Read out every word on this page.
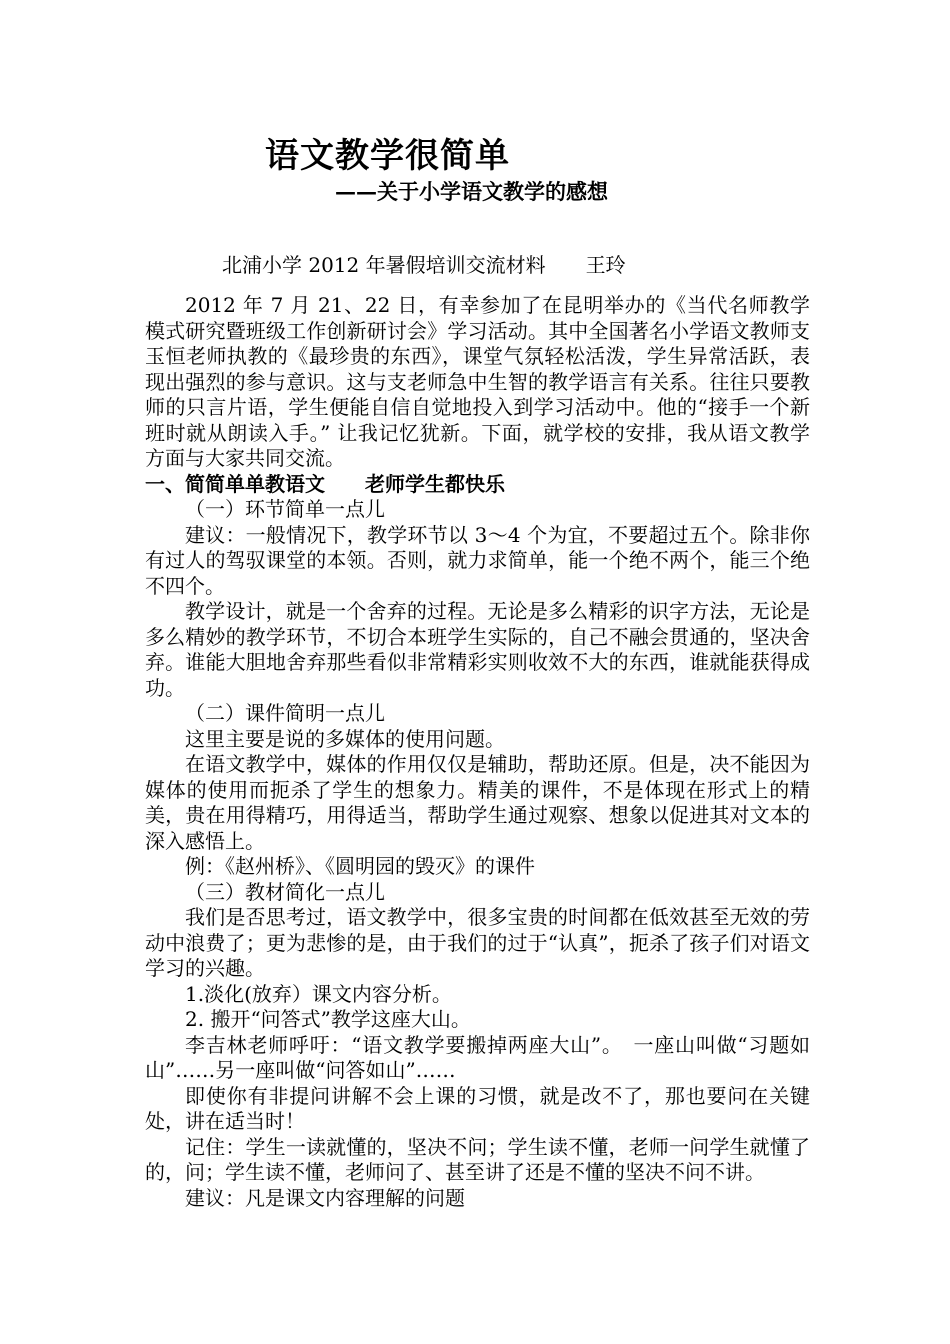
语文教学很简单
——关于小学语文教学的感想
北浦小学 2012 年暑假培训交流材料　　王玲

2012 年 7 月 21、22 日，有幸参加了在昆明举办的《当代名师教学模式研究暨班级工作创新研讨会》学习活动。其中全国著名小学语文教师支玉恒老师执教的《最珍贵的东西》，课堂气氛轻松活泼，学生异常活跃，表现出强烈的参与意识。这与支老师急中生智的教学语言有关系。往往只要教师的只言片语，学生便能自信自觉地投入到学习活动中。他的“接手一个新班时就从朗读入手。” 让我记忆犹新。下面，就学校的安排，我从语文教学方面与大家共同交流。

一、简简单单教语文　　老师学生都快乐

（一）环节简单一点儿

建议：一般情况下，教学环节以 3～4 个为宜，不要超过五个。除非你有过人的驾驭课堂的本领。否则，就力求简单，能一个绝不两个，能三个绝不四个。

教学设计，就是一个舍弃的过程。无论是多么精彩的识字方法，无论是多么精妙的教学环节，不切合本班学生实际的，自己不融会贯通的，坚决舍弃。谁能大胆地舍弃那些看似非常精彩实则收效不大的东西，谁就能获得成功。

（二）课件简明一点儿

这里主要是说的多媒体的使用问题。

在语文教学中，媒体的作用仅仅是辅助，帮助还原。但是，决不能因为媒体的使用而扼杀了学生的想象力。精美的课件，不是体现在形式上的精美，贵在用得精巧，用得适当，帮助学生通过观察、想象以促进其对文本的深入感悟上。

例：《赵州桥》、《圆明园的毁灭》的课件

（三）教材简化一点儿

我们是否思考过，语文教学中，很多宝贵的时间都在低效甚至无效的劳动中浪费了；更为悲惨的是，由于我们的过于“认真”，扼杀了孩子们对语文学习的兴趣。

1.淡化(放弃）课文内容分析。

2. 搬开“问答式”教学这座大山。

李吉林老师呼吁：“语文教学要搬掉两座大山”。　一座山叫做“习题如山”……另一座叫做“问答如山”……

即使你有非提问讲解不会上课的习惯，就是改不了，那也要问在关键处，讲在适当时！

记住：学生一读就懂的，坚决不问；学生读不懂，老师一问学生就懂了的，问；学生读不懂，老师问了、甚至讲了还是不懂的坚决不问不讲。

建议：凡是课文内容理解的问题
